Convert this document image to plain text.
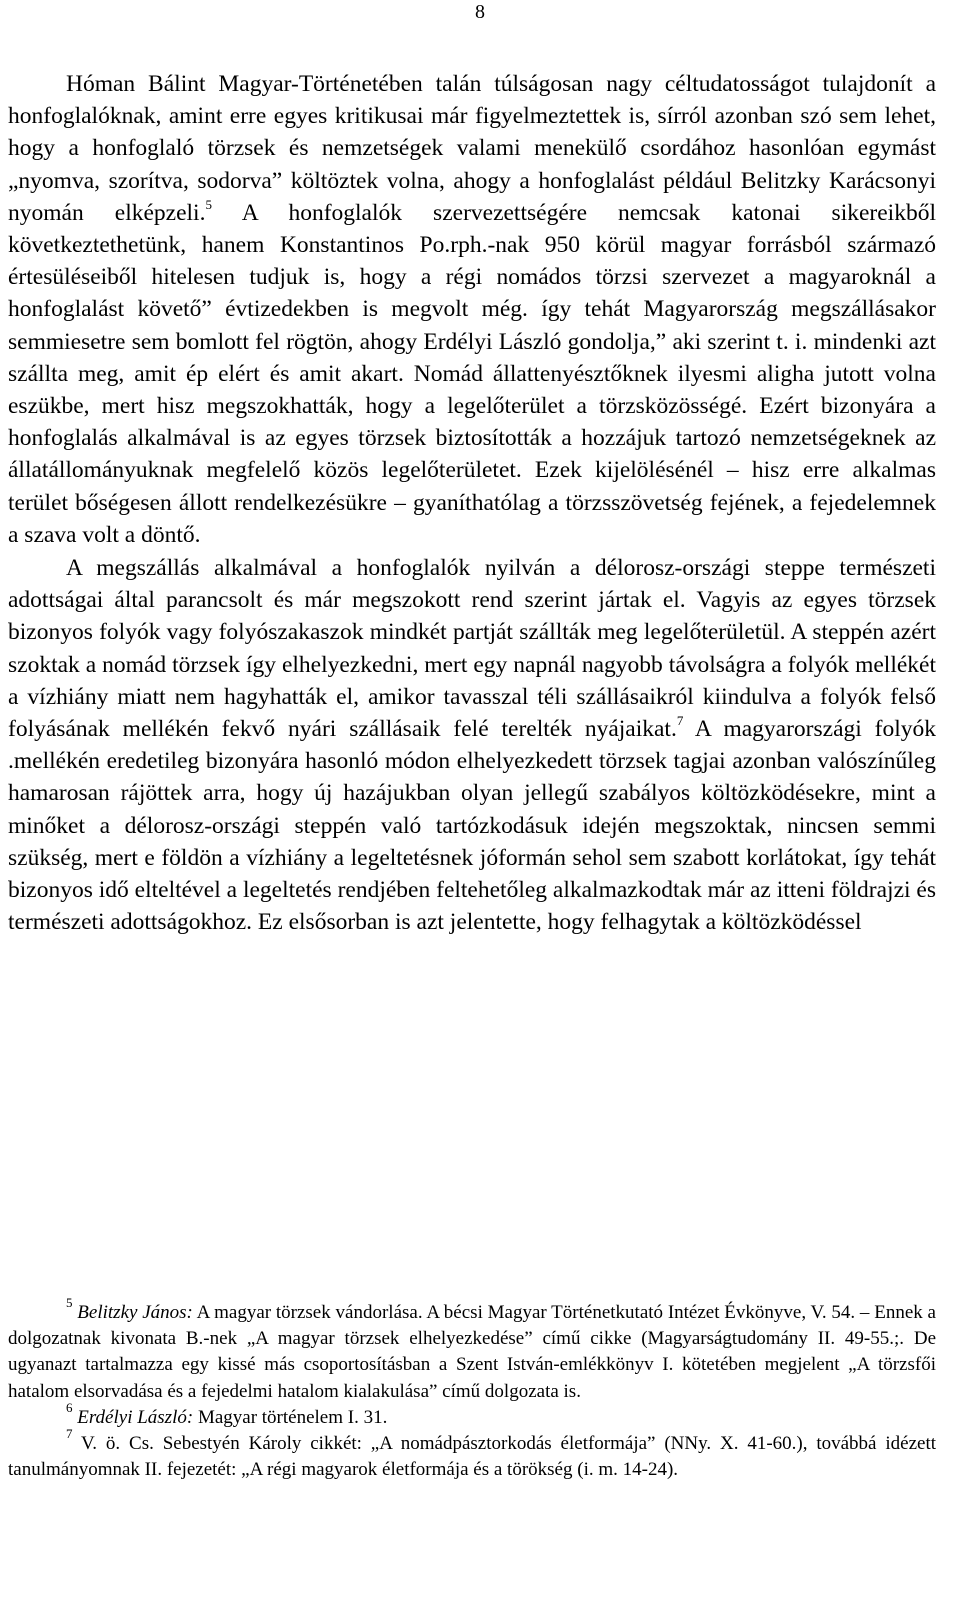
8

Hóman Bálint Magyar-Történetében talán túlságosan nagy céltudatosságot tulajdonít a honfoglalóknak, amint erre egyes kritikusai már figyelmeztettek is, sírról azonban szó sem lehet, hogy a honfoglaló törzsek és nemzetségek valami menekülő csordához hasonlóan egymást „nyomva, szorítva, sodorva” költöztek volna, ahogy a honfoglalást például Belitzky Karácsonyi nyomán elképzeli.$^5$ A honfoglalók szervezettségére nemcsak katonai sikereikből következtethetünk, hanem Konstantinos Po.rph.-nak 950 körül magyar forrásból származó értesüléseiből hitelesen tudjuk is, hogy a régi nomádos törzsi szervezet a magyaroknál a honfoglalást követő” évtizedekben is megvolt még. így tehát Magyarország megszállásakor semmiesetre sem bomlott fel rögtön, ahogy Erdélyi László gondolja,” aki szerint t. i. mindenki azt szállta meg, amit ép elért és amit akart. Nomád állattenyésztőknek ilyesmi aligha jutott volna eszükbe, mert hisz megszokhatták, hogy a legelőterület a törzsközösségé. Ezért bizonyára a honfoglalás alkalmával is az egyes törzsek biztosították a hozzájuk tartozó nemzetségeknek az állatállományuknak megfelelő közös legelőterületet. Ezek kijelölésénél – hisz erre alkalmas terület bőségesen állott rendelkezésükre – gyaníthatólag a törzsszövetség fejének, a fejedelemnek a szava volt a döntő.

A megszállás alkalmával a honfoglalók nyilván a délorosz-országi steppe természeti adottságai által parancsolt és már megszokott rend szerint jártak el. Vagyis az egyes törzsek bizonyos folyók vagy folyószakaszok mindkét partját szállták meg legelőterületül. A steppén azért szoktak a nomád törzsek így elhelyezkedni, mert egy napnál nagyobb távolságra a folyók mellékét a vízhiány miatt nem hagyhatták el, amikor tavasszal téli szállásaikról kiindulva a folyók felső folyásának mellékén fekvő nyári szállásaik felé terelték nyájaikat.$^7$ A magyarországi folyók .mellékén eredetileg bizonyára hasonló módon elhelyezkedett törzsek tagjai azonban valószínűleg hamarosan rájöttek arra, hogy új hazájukban olyan jellegű szabályos költözködésekre, mint a minőket a délorosz-országi steppén való tartózkodásuk idején megszoktak, nincsen semmi szükség, mert e földön a vízhiány a legeltetésnek jóformán sehol sem szabott korlátokat, így tehát bizonyos idő elteltével a legeltetés rendjében feltehetőleg alkalmazkodtak már az itteni földrajzi és természeti adottságokhoz. Ez elsősorban is azt jelentette, hogy felhagytak a költözködéssel

$^5$ Belitzky János: A magyar törzsek vándorlása. A bécsi Magyar Történetkutató Intézet Évkönyve, V. 54. – Ennek a dolgozatnak kivonata B.-nek „A magyar törzsek elhelyezkedése” című cikke (Magyarságtudomány II. 49-55.;. De ugyanazt tartalmazza egy kissé más csoportosításban a Szent István-emlékkönyv I. kötetében megjelent „A törzsfői hatalom elsorvadása és a fejedelmi hatalom kialakulása” című dolgozata is.

$^6$ Erdélyi László: Magyar történelem I. 31.

$^7$ V. ö. Cs. Sebestyén Károly cikkét: „A nomádpásztorkodás életformája” (NNy. X. 41-60.), továbbá idézett tanulmányomnak II. fejezetét: „A régi magyarok életformája és a törökség (i. m. 14-24).
